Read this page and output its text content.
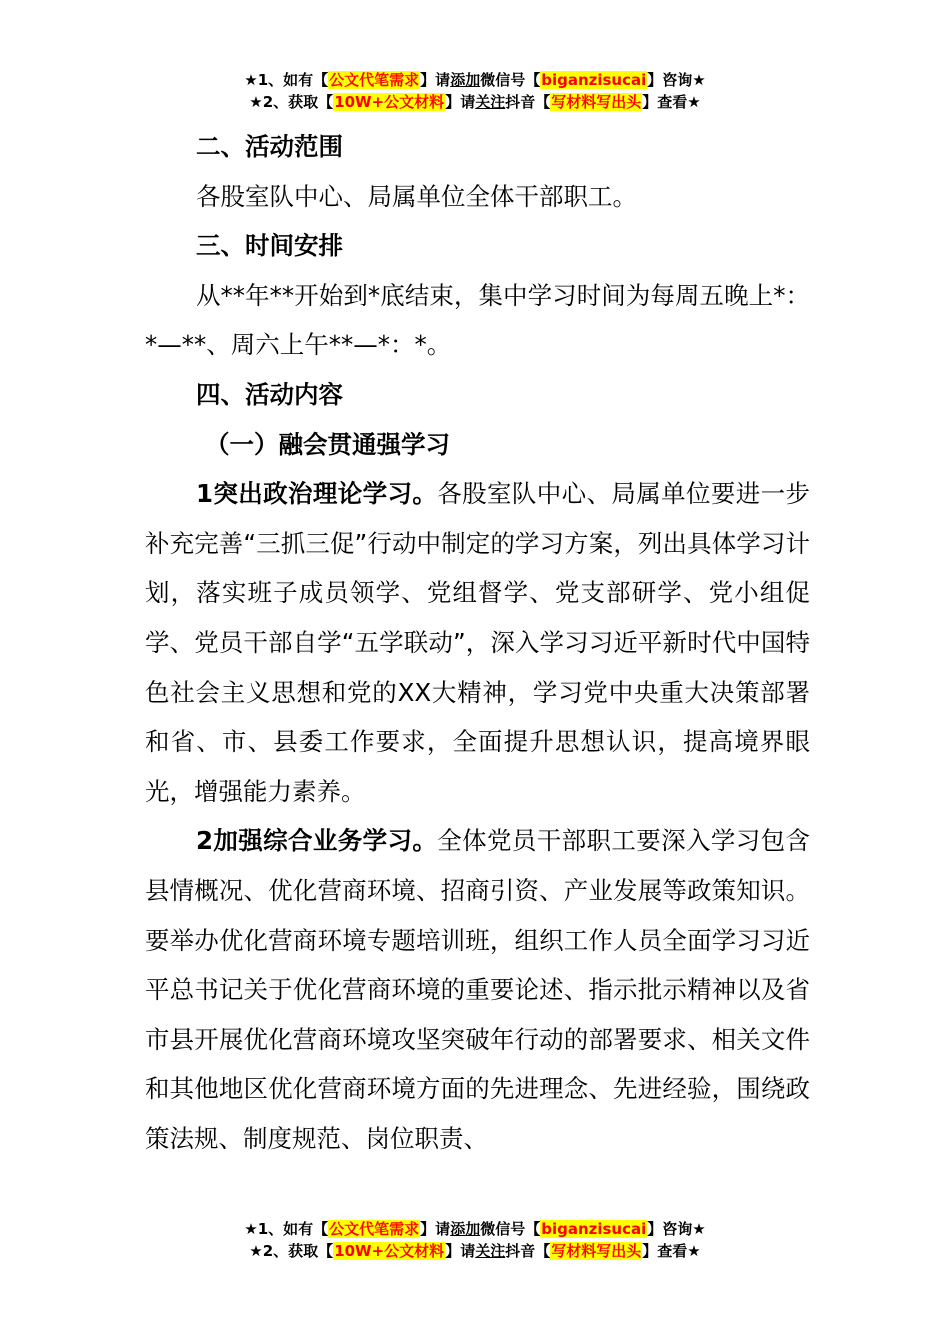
★1、如有【公文代笔需求】请添加微信号【biganzisucai】咨询★
★2、获取【10W+公文材料】请关注抖音【写材料写出头】查看★

二、活动范围

各股室队中心、局属单位全体干部职工。

三、时间安排

从**年**开始到*底结束，集中学习时间为每周五晚上*：*—**、周六上午**—*：*。

四、活动内容

（一）融会贯通强学习

1突出政治理论学习。各股室队中心、局属单位要进一步补充完善“三抓三促”行动中制定的学习方案，列出具体学习计划，落实班子成员领学、党组督学、党支部研学、党小组促学、党员干部自学“五学联动”，深入学习习近平新时代中国特色社会主义思想和党的XX大精神，学习党中央重大决策部署和省、市、县委工作要求，全面提升思想认识，提高境界眼光，增强能力素养。

2加强综合业务学习。全体党员干部职工要深入学习包含县情概况、优化营商环境、招商引资、产业发展等政策知识。要举办优化营商环境专题培训班，组织工作人员全面学习习近平总书记关于优化营商环境的重要论述、指示批示精神以及省市县开展优化营商环境攻坚突破年行动的部署要求、相关文件和其他地区优化营商环境方面的先进理念、先进经验，围绕政策法规、制度规范、岗位职责、

★1、如有【公文代笔需求】请添加微信号【biganzisucai】咨询★
★2、获取【10W+公文材料】请关注抖音【写材料写出头】查看★
